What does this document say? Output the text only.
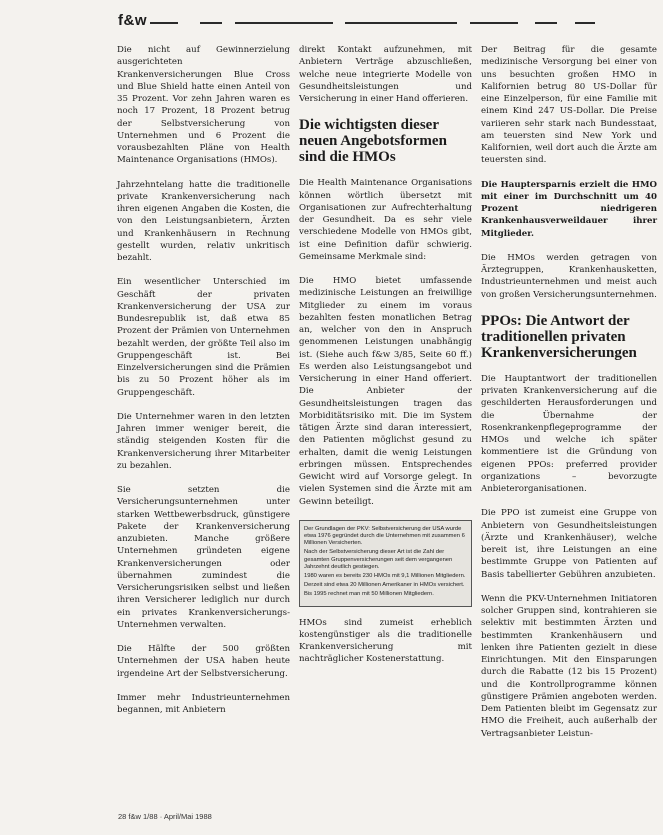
f&w

Die nicht auf Gewinnerzielung ausgerichteten Krankenversicherungen Blue Cross und Blue Shield hatte einen Anteil von 35 Prozent. Vor zehn Jahren waren es noch 17 Prozent, 18 Prozent betrug der Selbstversicherung von Unternehmen und 6 Prozent die vorausbezahlten Pläne von Health Maintenance Organisations (HMOs).

Jahrzehntelang hatte die traditionelle private Krankenversicherung nach ihren eigenen Angaben die Kosten, die von den Leistungsanbietern, Ärzten und Krankenhäusern in Rechnung gestellt wurden, relativ unkritisch bezahlt.

Ein wesentlicher Unterschied im Geschäft der privaten Krankenversicherung der USA zur Bundesrepublik ist, daß etwa 85 Prozent der Prämien von Unternehmen bezahlt werden, der größte Teil also im Gruppengeschäft ist. Bei Einzelversicherungen sind die Prämien bis zu 50 Prozent höher als im Gruppengeschäft.

Die Unternehmer waren in den letzten Jahren immer weniger bereit, die ständig steigenden Kosten für die Krankenversicherung ihrer Mitarbeiter zu bezahlen.

Sie setzten die Versicherungsunternehmen unter starken Wettbewerbsdruck, günstigere Pakete der Krankenversicherung anzubieten. Manche größere Unternehmen gründeten eigene Krankenversicherungen oder übernahmen zumindest die Versicherungsrisiken selbst und ließen ihren Versicherer lediglich nur durch ein privates Krankenversicherungs-Unternehmen verwalten.

Die Hälfte der 500 größten Unternehmen der USA haben heute irgendeine Art der Selbstversicherung.

Immer mehr Industrieunternehmen begannen, mit Anbietern

direkt Kontakt aufzunehmen, mit Anbietern Verträge abzuschließen, welche neue integrierte Modelle von Gesundheitsleistungen und Versicherung in einer Hand offerieren.

Die wichtigsten dieser neuen Angebotsformen sind die HMOs

Die Health Maintenance Organisations können wörtlich übersetzt mit Organisationen zur Aufrechterhaltung der Gesundheit. Da es sehr viele verschiedene Modelle von HMOs gibt, ist eine Definition dafür schwierig. Gemeinsame Merkmale sind:

Die HMO bietet umfassende medizinische Leistungen an freiwillige Mitglieder zu einem im voraus bezahlten festen monatlichen Betrag an, welcher von den in Anspruch genommenen Leistungen unabhängig ist. (Siehe auch f&w 3/85, Seite 60 ff.) Es werden also Leistungsangebot und Versicherung in einer Hand offeriert. Die Anbieter der Gesundheitsleistungen tragen das Morbiditätsrisiko mit. Die im System tätigen Ärzte sind daran interessiert, den Patienten möglichst gesund zu erhalten, damit die wenig Leistungen erbringen müssen. Entsprechendes Gewicht wird auf Vorsorge gelegt. In vielen Systemen sind die Ärzte mit am Gewinn beteiligt.

Der Grundlagen der PKV: Selbstversicherung der USA wurde etwa 1976 gegründet durch die Unternehmen mit zusammen 6 Millionen Versicherten.
Nach der Selbstversicherung dieser Art ist die Zahl der gesamten Gruppenversicherungen seit dem vergangenen Jahrzehnt deutlich gestiegen.
1980 waren es bereits 230 HMOs mit 9,1 Millionen Mitgliedern.
Derzeit sind etwa 20 Millionen Amerikaner in HMOs versichert.
Bis 1995 rechnet man mit 50 Millionen Mitgliedern.

HMOs sind zumeist erheblich kostengünstiger als die traditionelle Krankenversicherung mit nachträglicher Kostenerstattung.

Der Beitrag für die gesamte medizinische Versorgung bei einer von uns besuchten großen HMO in Kalifornien betrug 80 US-Dollar für eine Einzelperson, für eine Familie mit einem Kind 247 US-Dollar. Die Preise variieren sehr stark nach Bundesstaat, am teuersten sind New York und Kalifornien, weil dort auch die Ärzte am teuersten sind.

Die Hauptersparnis erzielt die HMO mit einer im Durchschnitt um 40 Prozent niedrigeren Krankenhausverweildauer ihrer Mitglieder.

Die HMOs werden getragen von Ärztegruppen, Krankenhausketten, Industrieunternehmen und meist auch von großen Versicherungsunternehmen.

PPOs: Die Antwort der traditionellen privaten Krankenversicherungen

Die Hauptantwort der traditionellen privaten Krankenversicherung auf die geschilderten Herausforderungen und die Übernahme der Rosenkrankenpflegeprogramme der HMOs und welche ich später kommentiere ist die Gründung von eigenen PPOs: preferred provider organizations – bevorzugte Anbieterorganisationen.

Die PPO ist zumeist eine Gruppe von Anbietern von Gesundheitsleistungen (Ärzte und Krankenhäuser), welche bereit ist, ihre Leistungen an eine bestimmte Gruppe von Patienten auf Basis tabellierter Gebühren anzubieten.

Wenn die PKV-Unternehmen Initiatoren solcher Gruppen sind, kontrahieren sie selektiv mit bestimmten Ärzten und bestimmten Krankenhäusern und lenken ihre Patienten gezielt in diese Einrichtungen. Mit den Einsparungen durch die Rabatte (12 bis 15 Prozent) und die Kontrollprogramme können günstigere Prämien angeboten werden. Dem Patienten bleibt im Gegensatz zur HMO die Freiheit, auch außerhalb der Vertragsanbieter Leistun-

28 f&w 1/88 · April/Mai 1988
